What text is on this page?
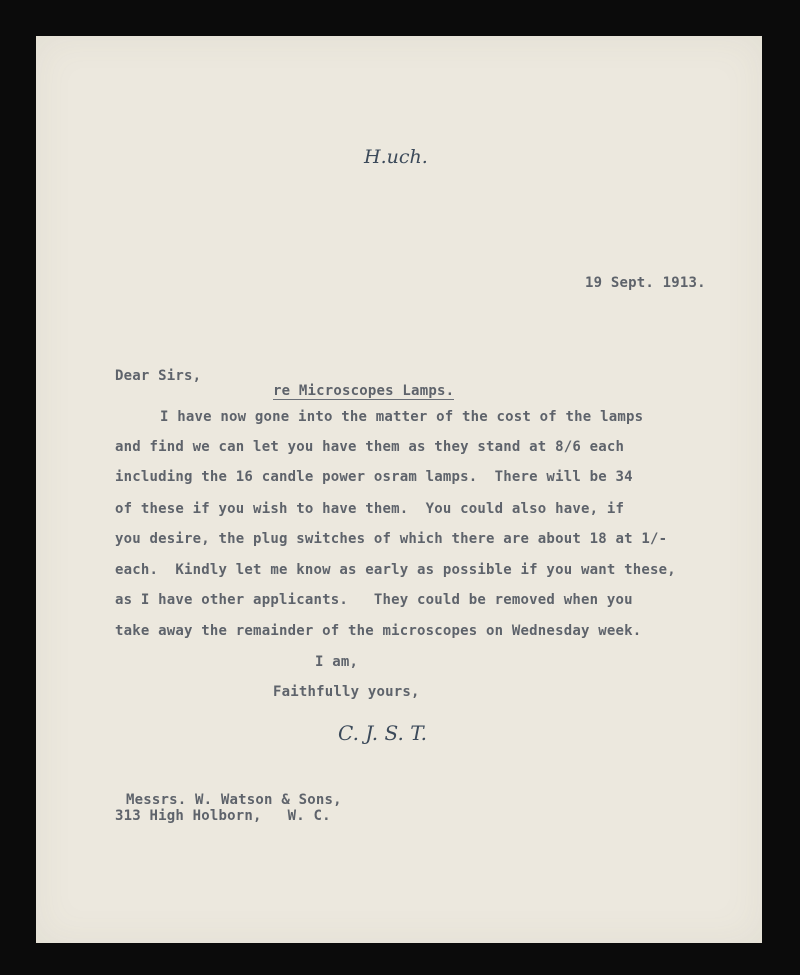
H.uch.
19 Sept. 1913.
Dear Sirs,
re Microscopes Lamps.
I have now gone into the matter of the cost of the lamps
and find we can let you have them as they stand at 8/6 each
including the 16 candle power osram lamps.  There will be 34
of these if you wish to have them.  You could also have, if
you desire, the plug switches of which there are about 18 at 1/-
each.  Kindly let me know as early as possible if you want these,
as I have other applicants.   They could be removed when you
take away the remainder of the microscopes on Wednesday week.
I am,
Faithfully yours,
C. J. S. T.
Messrs. W. Watson & Sons,
313 High Holborn,   W. C.
